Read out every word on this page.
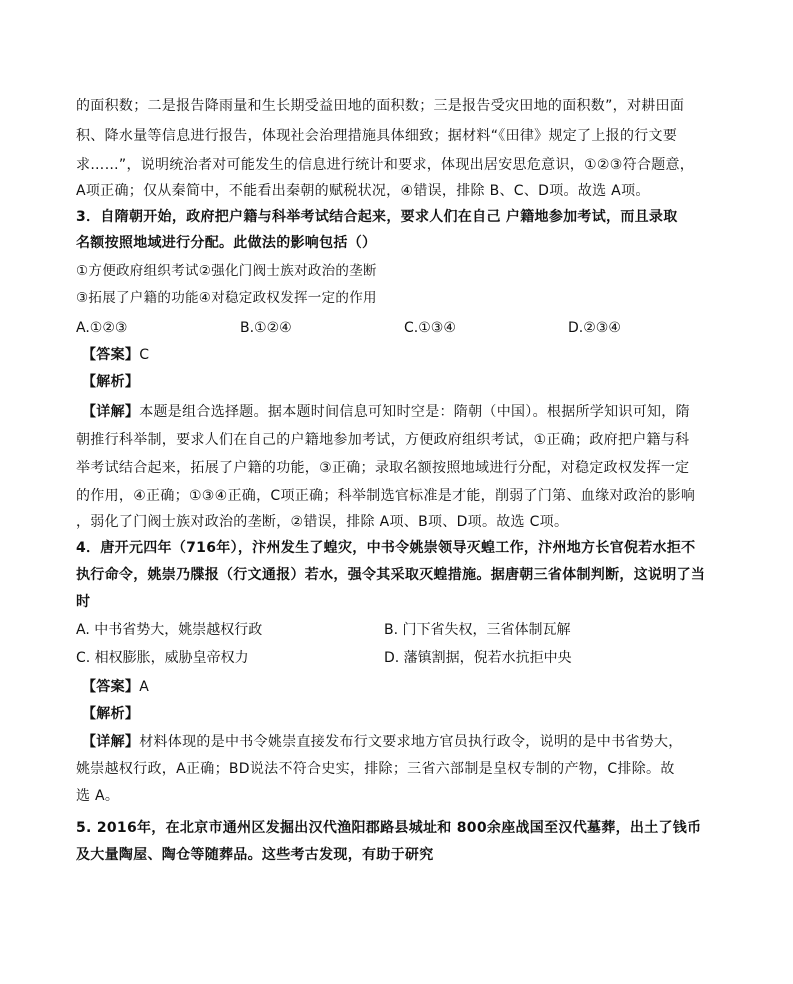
的面积数；二是报告降雨量和生长期受益田地的面积数；三是报告受灾田地的面积数”，对耕田面
积、降水量等信息进行报告，体现社会治理措施具体细致；据材料“《田律》规定了上报的行文要
求……”，说明统治者对可能发生的信息进行统计和要求，体现出居安思危意识，①②③符合题意，
A项正确；仅从秦简中，不能看出秦朝的赋税状况，④错误，排除 B、C、D项。故选 A项。
3．自隋朝开始，政府把户籍与科举考试结合起来，要求人们在自己 户籍地参加考试，而且录取
名额按照地域进行分配。此做法的影响包括（）
①方便政府组织考试②强化门阀士族对政治的垄断
③拓展了户籍的功能④对稳定政权发挥一定的作用
A.①②③	B.①②④	C.①③④	D.②③④
【答案】C
【解析】
【详解】本题是组合选择题。据本题时间信息可知时空是：隋朝（中国）。根据所学知识可知，隋
朝推行科举制，要求人们在自己的户籍地参加考试，方便政府组织考试，①正确；政府把户籍与科
举考试结合起来，拓展了户籍的功能，③正确；录取名额按照地域进行分配，对稳定政权发挥一定
的作用，④正确；①③④正确，C项正确；科举制选官标准是才能，削弱了门第、血缘对政治的影响
，弱化了门阀士族对政治的垄断，②错误，排除 A项、B项、D项。故选 C项。
4．唐开元四年（716年），汴州发生了蝗灾，中书令姚崇领导灭蝗工作，汴州地方长官倪若水拒不
执行命令，姚崇乃牒报（行文通报）若水，强令其采取灭蝗措施。据唐朝三省体制判断，这说明了当
时
A. 中书省势大，姚崇越权行政	B. 门下省失权，三省体制瓦解
C. 相权膨胀，威胁皇帝权力	D. 藩镇割据，倪若水抗拒中央
【答案】A
【解析】
【详解】材料体现的是中书令姚崇直接发布行文要求地方官员执行政令，说明的是中书省势大，
姚崇越权行政，A正确；BD说法不符合史实，排除；三省六部制是皇权专制的产物，C排除。故
选 A。
5. 2016年，在北京市通州区发掘出汉代渔阳郡路县城址和 800余座战国至汉代墓葬，出土了钱币
及大量陶屋、陶仓等随葬品。这些考古发现，有助于研究
